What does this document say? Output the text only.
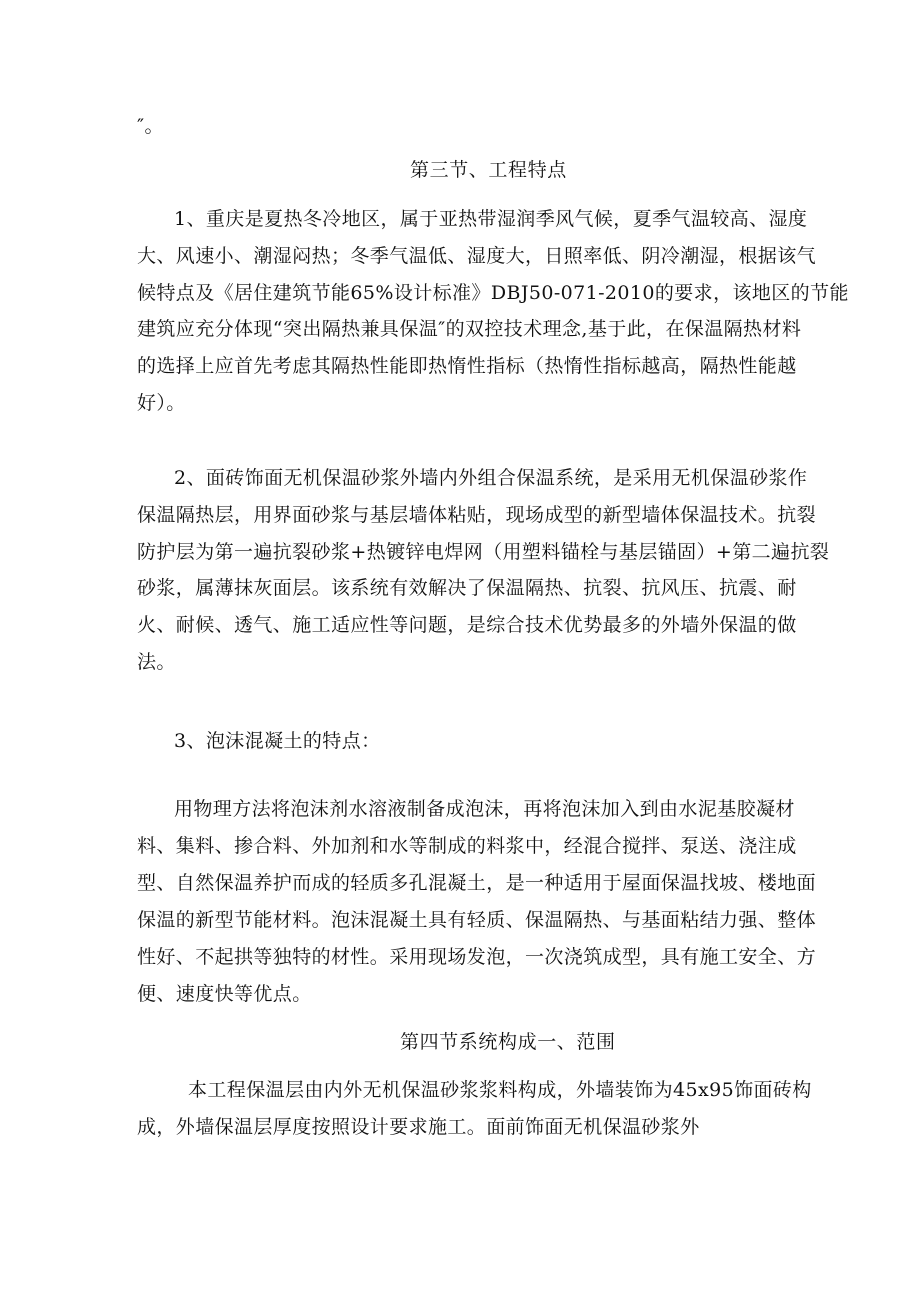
″。
第三节、工程特点
1、重庆是夏热冬冷地区，属于亚热带湿润季风气候，夏季气温较高、湿度
大、风速小、潮湿闷热；冬季气温低、湿度大，日照率低、阴冷潮湿，根据该气
候特点及《居住建筑节能65%设计标准》DBJ50-071-2010的要求，该地区的节能
建筑应充分体现“突出隔热兼具保温″的双控技术理念,基于此，在保温隔热材料
的选择上应首先考虑其隔热性能即热惰性指标（热惰性指标越高，隔热性能越
好）。
2、面砖饰面无机保温砂浆外墙内外组合保温系统，是采用无机保温砂浆作
保温隔热层，用界面砂浆与基层墙体粘贴，现场成型的新型墙体保温技术。抗裂
防护层为第一遍抗裂砂浆+热镀锌电焊网（用塑料锚栓与基层锚固）+第二遍抗裂
砂浆，属薄抹灰面层。该系统有效解决了保温隔热、抗裂、抗风压、抗震、耐
火、耐候、透气、施工适应性等问题，是综合技术优势最多的外墙外保温的做
法。
3、泡沫混凝土的特点：
用物理方法将泡沫剂水溶液制备成泡沫，再将泡沫加入到由水泥基胶凝材
料、集料、掺合料、外加剂和水等制成的料浆中，经混合搅拌、泵送、浇注成
型、自然保温养护而成的轻质多孔混凝土，是一种适用于屋面保温找坡、楼地面
保温的新型节能材料。泡沫混凝土具有轻质、保温隔热、与基面粘结力强、整体
性好、不起拱等独特的材性。采用现场发泡，一次浇筑成型，具有施工安全、方
便、速度快等优点。
第四节系统构成一、范围
本工程保温层由内外无机保温砂浆浆料构成，外墙装饰为45x95饰面砖构
成，外墙保温层厚度按照设计要求施工。面前饰面无机保温砂浆外
